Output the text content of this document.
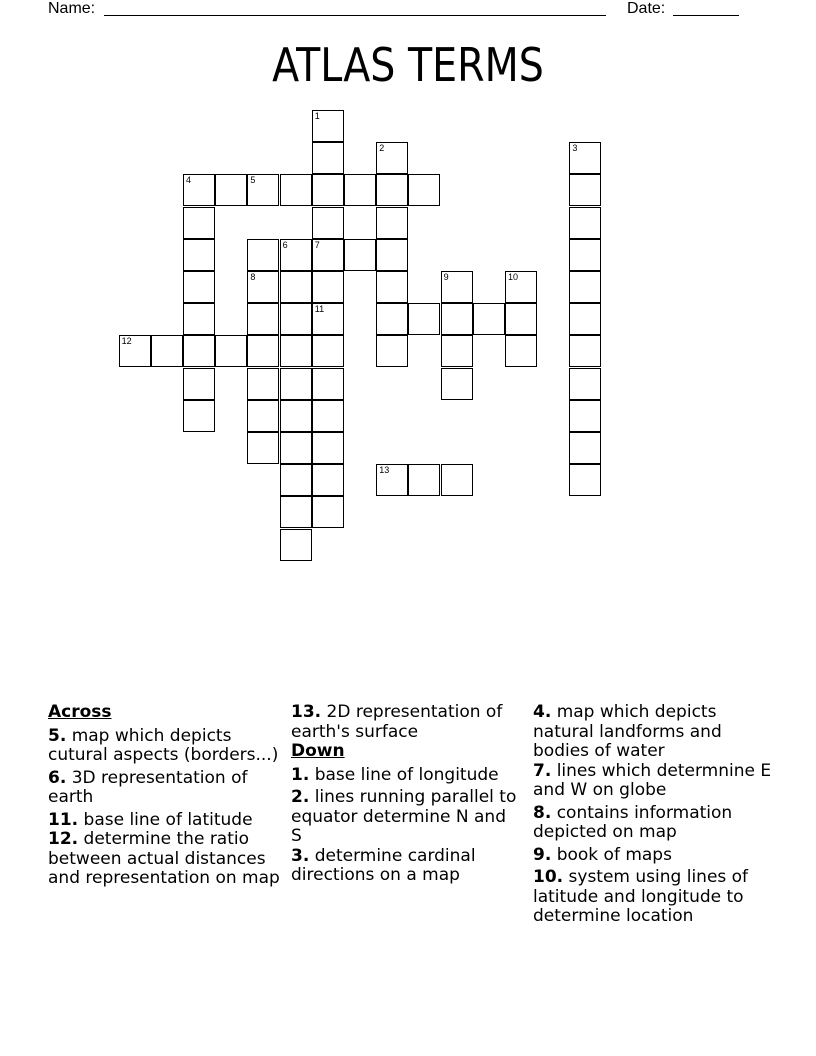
Name:	Date:
ATLAS TERMS
1
7
11
2	3
4	5
6
8	9	10
12
13
Across
5. map which depicts cutural aspects (borders...)
6. 3D representation of earth
11. base line of latitude
12. determine the ratio between actual distances and representation on map
13. 2D representation of earth's surface
Down
1. base line of longitude
2. lines running parallel to equator determine N and S
3. determine cardinal directions on a map
4. map which depicts natural landforms and bodies of water
7. lines which determnine E and W on globe
8. contains information depicted on map
9. book of maps
10. system using lines of latitude and longitude to determine location
